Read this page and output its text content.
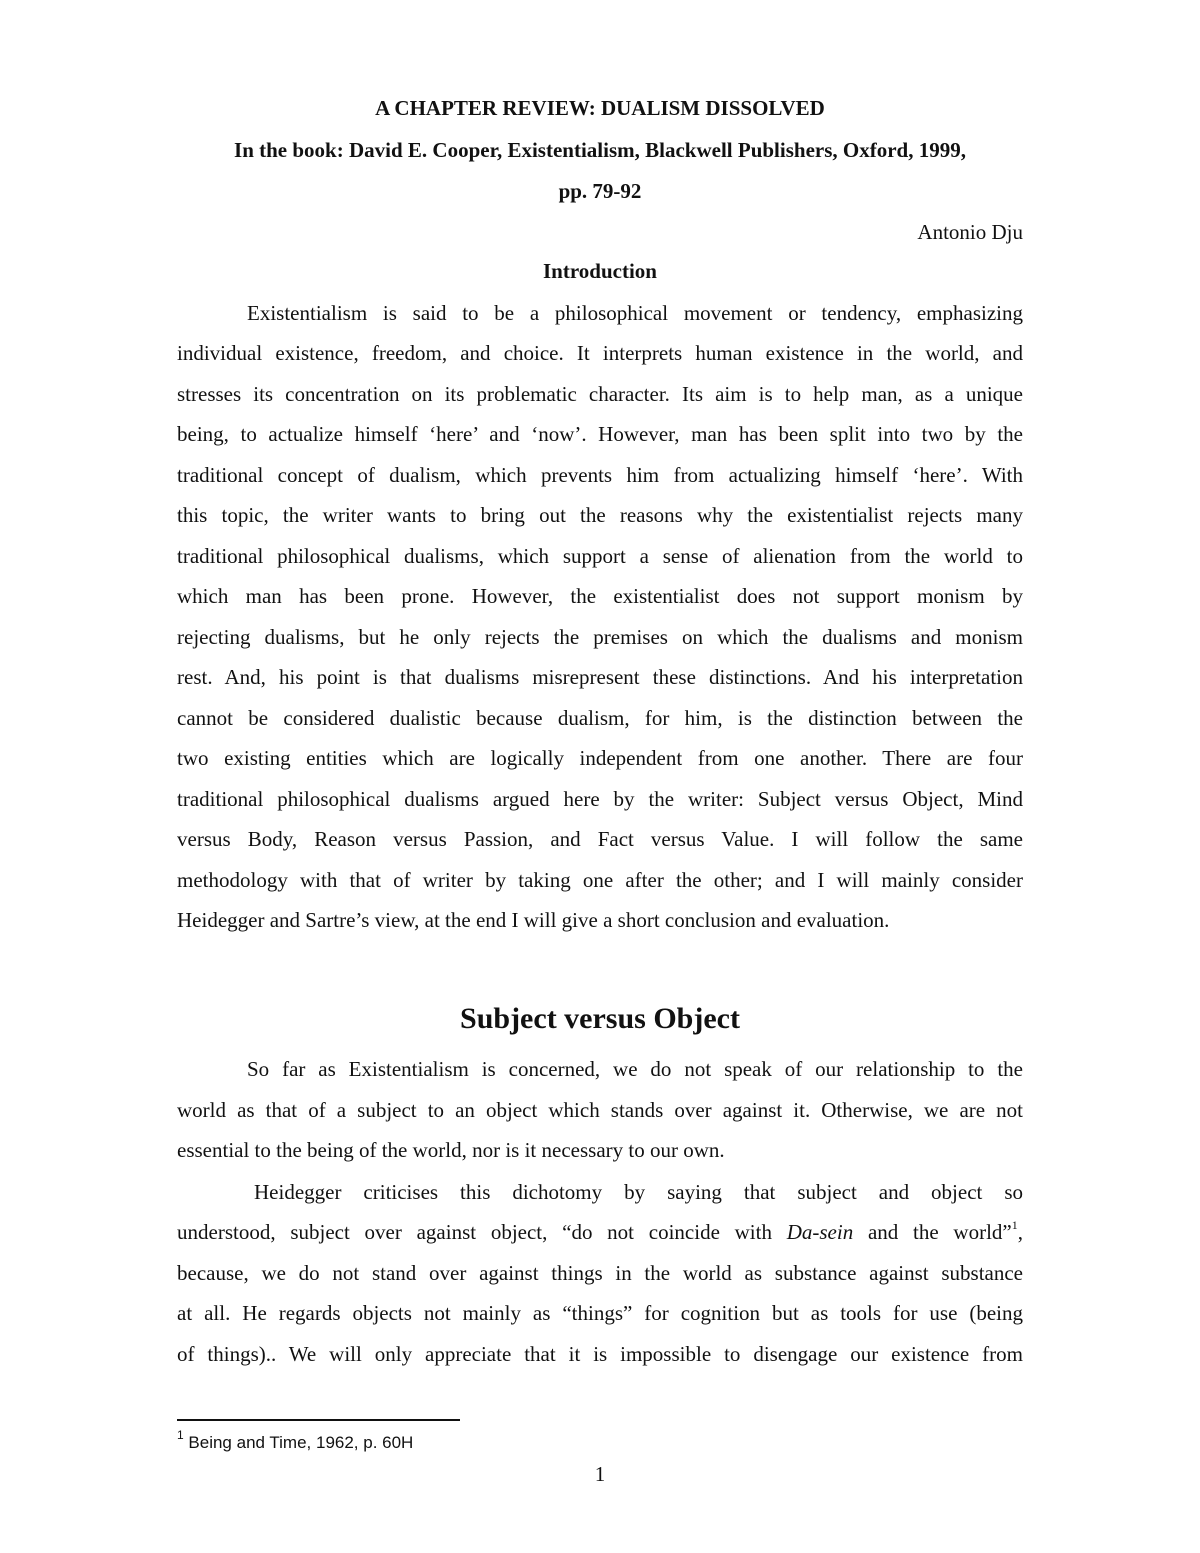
A CHAPTER REVIEW: DUALISM DISSOLVED

In the book: David E. Cooper, Existentialism, Blackwell Publishers, Oxford, 1999,

pp. 79-92

Antonio Dju

Introduction

Existentialism is said to be a philosophical movement or tendency, emphasizing

individual existence, freedom, and choice. It interprets human existence in the world, and

stresses its concentration on its problematic character. Its aim is to help man, as a unique

being, to actualize himself ‘here’ and ‘now’. However, man has been split into two by the

traditional concept of dualism, which prevents him from actualizing himself ‘here’. With

this topic, the writer wants to bring out the reasons why the existentialist rejects many

traditional philosophical dualisms, which support a sense of alienation from the world to

which man has been prone. However, the existentialist does not support monism by

rejecting dualisms, but he only rejects the premises on which the dualisms and monism

rest. And, his point is that dualisms misrepresent these distinctions. And his interpretation

cannot be considered dualistic because dualism, for him, is the distinction between the

two existing entities which are logically independent from one another. There are four

traditional philosophical dualisms argued here by the writer: Subject versus Object, Mind

versus Body, Reason versus Passion, and Fact versus Value. I will follow the same

methodology with that of writer by taking one after the other; and I will mainly consider

Heidegger and Sartre’s view, at the end I will give a short conclusion and evaluation.

Subject versus Object

So far as Existentialism is concerned, we do not speak of our relationship to the

world as that of a subject to an object which stands over against it. Otherwise, we are not

essential to the being of the world, nor is it necessary to our own.

Heidegger criticises this dichotomy by saying that subject and object so

understood, subject over against object, “do not coincide with Da-sein and the world”$^1$,

because, we do not stand over against things in the world as substance against substance

at all. He regards objects not mainly as “things” for cognition but as tools for use (being

of things).. We will only appreciate that it is impossible to disengage our existence from

$^1$ Being and Time, 1962, p. 60H
1
